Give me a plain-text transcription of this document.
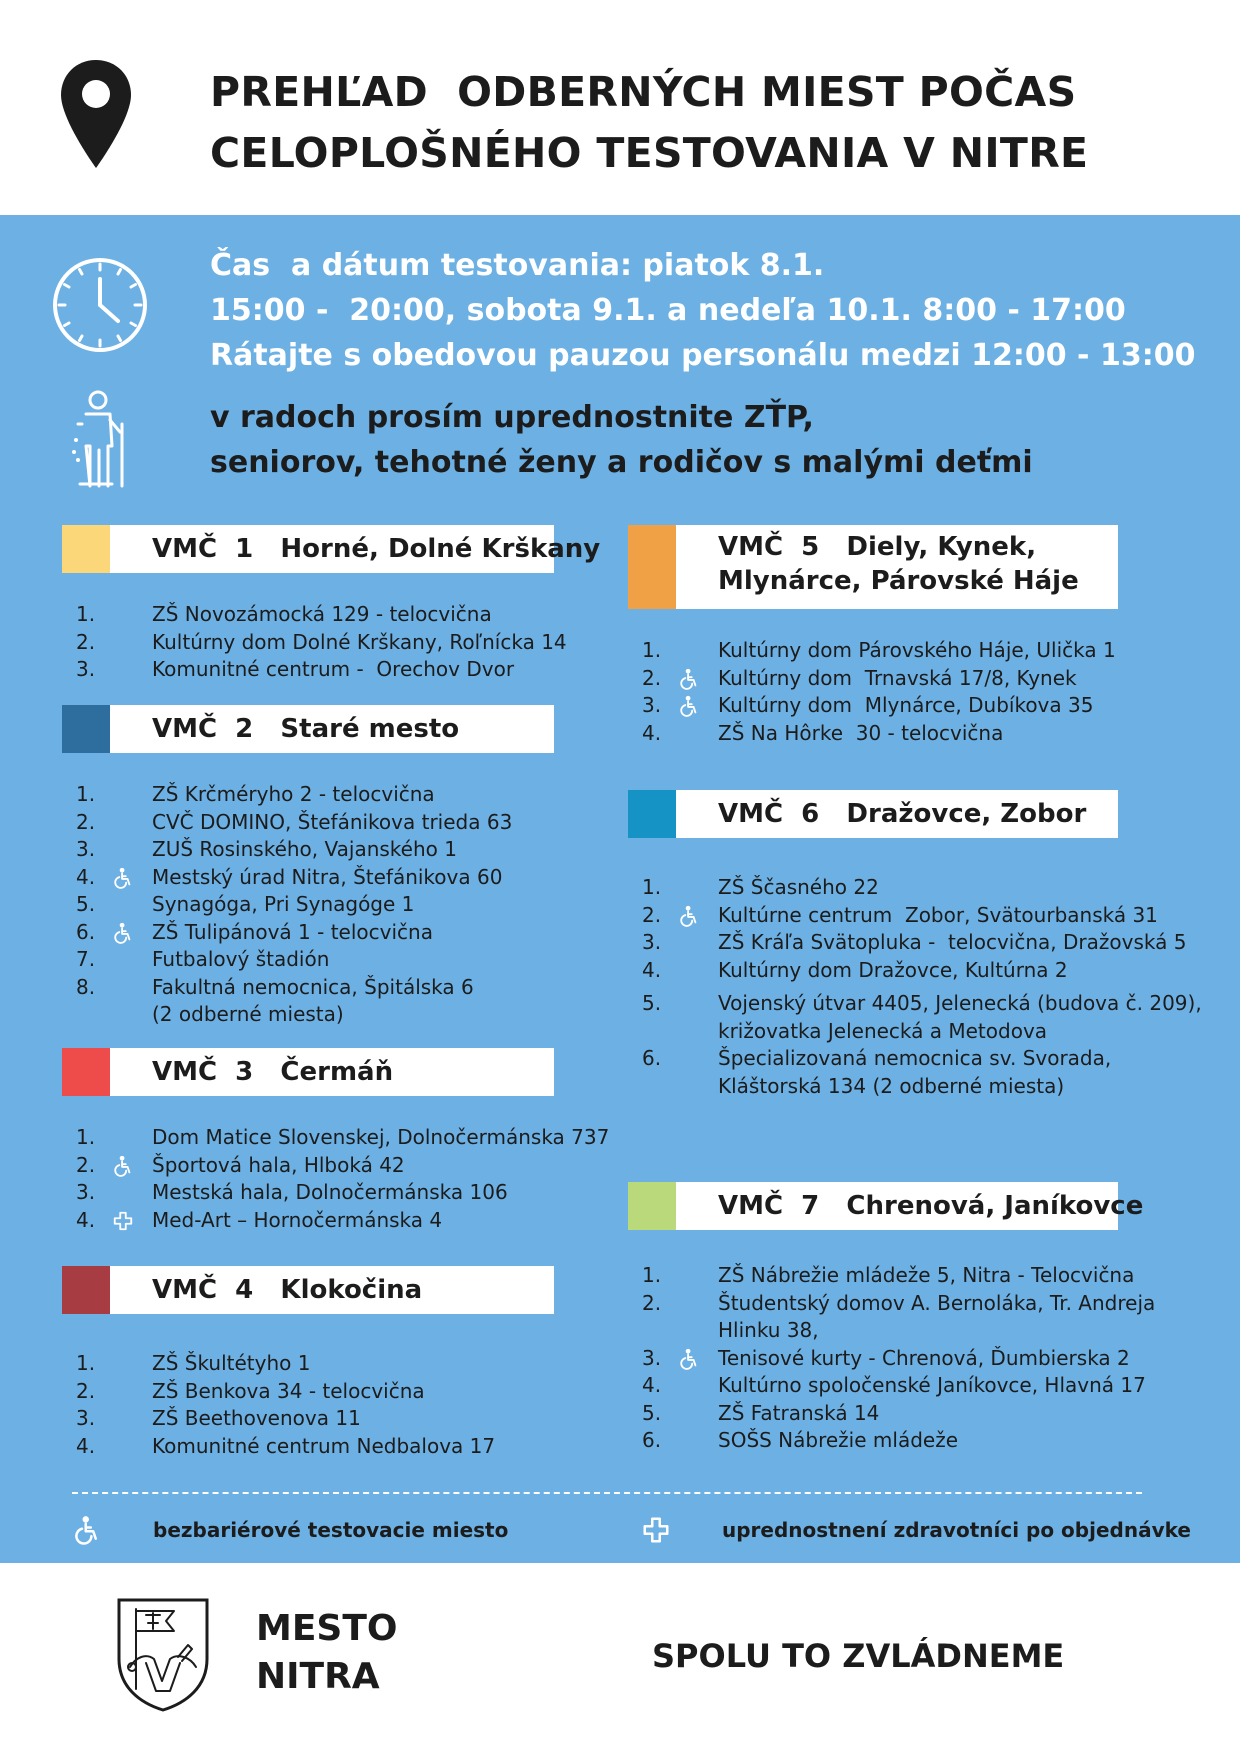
PREHĽAD  ODBERNÝCH MIEST POČAS
CELOPLOŠNÉHO TESTOVANIA V NITRE
Čas  a dátum testovania: piatok 8.1.
15:00 -  20:00, sobota 9.1. a nedeľa 10.1. 8:00 - 17:00
Rátajte s obedovou pauzou personálu medzi 12:00 - 13:00
v radoch prosím uprednostnite ZŤP,
seniorov, tehotné ženy a rodičov s malými deťmi
VMČ  1   Horné, Dolné Krškany
1.	ZŠ Novozámocká 129 - telocvična
2.	Kultúrny dom Dolné Krškany, Roľnícka 14
3.	Komunitné centrum -  Orechov Dvor
VMČ  2   Staré mesto
1.	ZŠ Krčméryho 2 - telocvična
2.	CVČ DOMINO, Štefánikova trieda 63
3.	ZUŠ Rosinského, Vajanského 1
4.	Mestský úrad Nitra, Štefánikova 60
5.	Synagóga, Pri Synagóge 1
6.	ZŠ Tulipánová 1 - telocvična
7.	Futbalový štadión
8.	Fakultná nemocnica, Špitálska 6
(2 odberné miesta)
VMČ  3   Čermáň
1.	Dom Matice Slovenskej, Dolnočermánska 737
2.	Športová hala, Hlboká 42
3.	Mestská hala, Dolnočermánska 106
4.	Med-Art – Hornočermánska 4
VMČ  4   Klokočina
1.	ZŠ Škultétyho 1
2.	ZŠ Benkova 34 - telocvična
3.	ZŠ Beethovenova 11
4.	Komunitné centrum Nedbalova 17
VMČ  5   Diely, Kynek,
Mlynárce, Párovské Háje
1.	Kultúrny dom Párovského Háje, Ulička 1
2.	Kultúrny dom  Trnavská 17/8, Kynek
3.	Kultúrny dom  Mlynárce, Dubíkova 35
4.	ZŠ Na Hôrke  30 - telocvična
VMČ  6   Dražovce, Zobor
1.	ZŠ Ščasného 22
2.	Kultúrne centrum  Zobor, Svätourbanská 31
3.	ZŠ Kráľa Svätopluka -  telocvična, Dražovská 5
4.	Kultúrny dom Dražovce, Kultúrna 2
5.	Vojenský útvar 4405, Jelenecká (budova č. 209),
križovatka Jelenecká a Metodova
6.	Špecializovaná nemocnica sv. Svorada,
Kláštorská 134 (2 odberné miesta)
VMČ  7   Chrenová, Janíkovce
1.	ZŠ Nábrežie mládeže 5, Nitra - Telocvična
2.	Študentský domov A. Bernoláka, Tr. Andreja
Hlinku 38,
3.	Tenisové kurty - Chrenová, Ďumbierska 2
4.	Kultúrno spoločenské Janíkovce, Hlavná 17
5.	ZŠ Fatranská 14
6.	SOŠS Nábrežie mládeže
bezbariérové testovacie miesto	uprednostnení zdravotníci po objednávke
MESTO
NITRA	SPOLU TO ZVLÁDNEME
